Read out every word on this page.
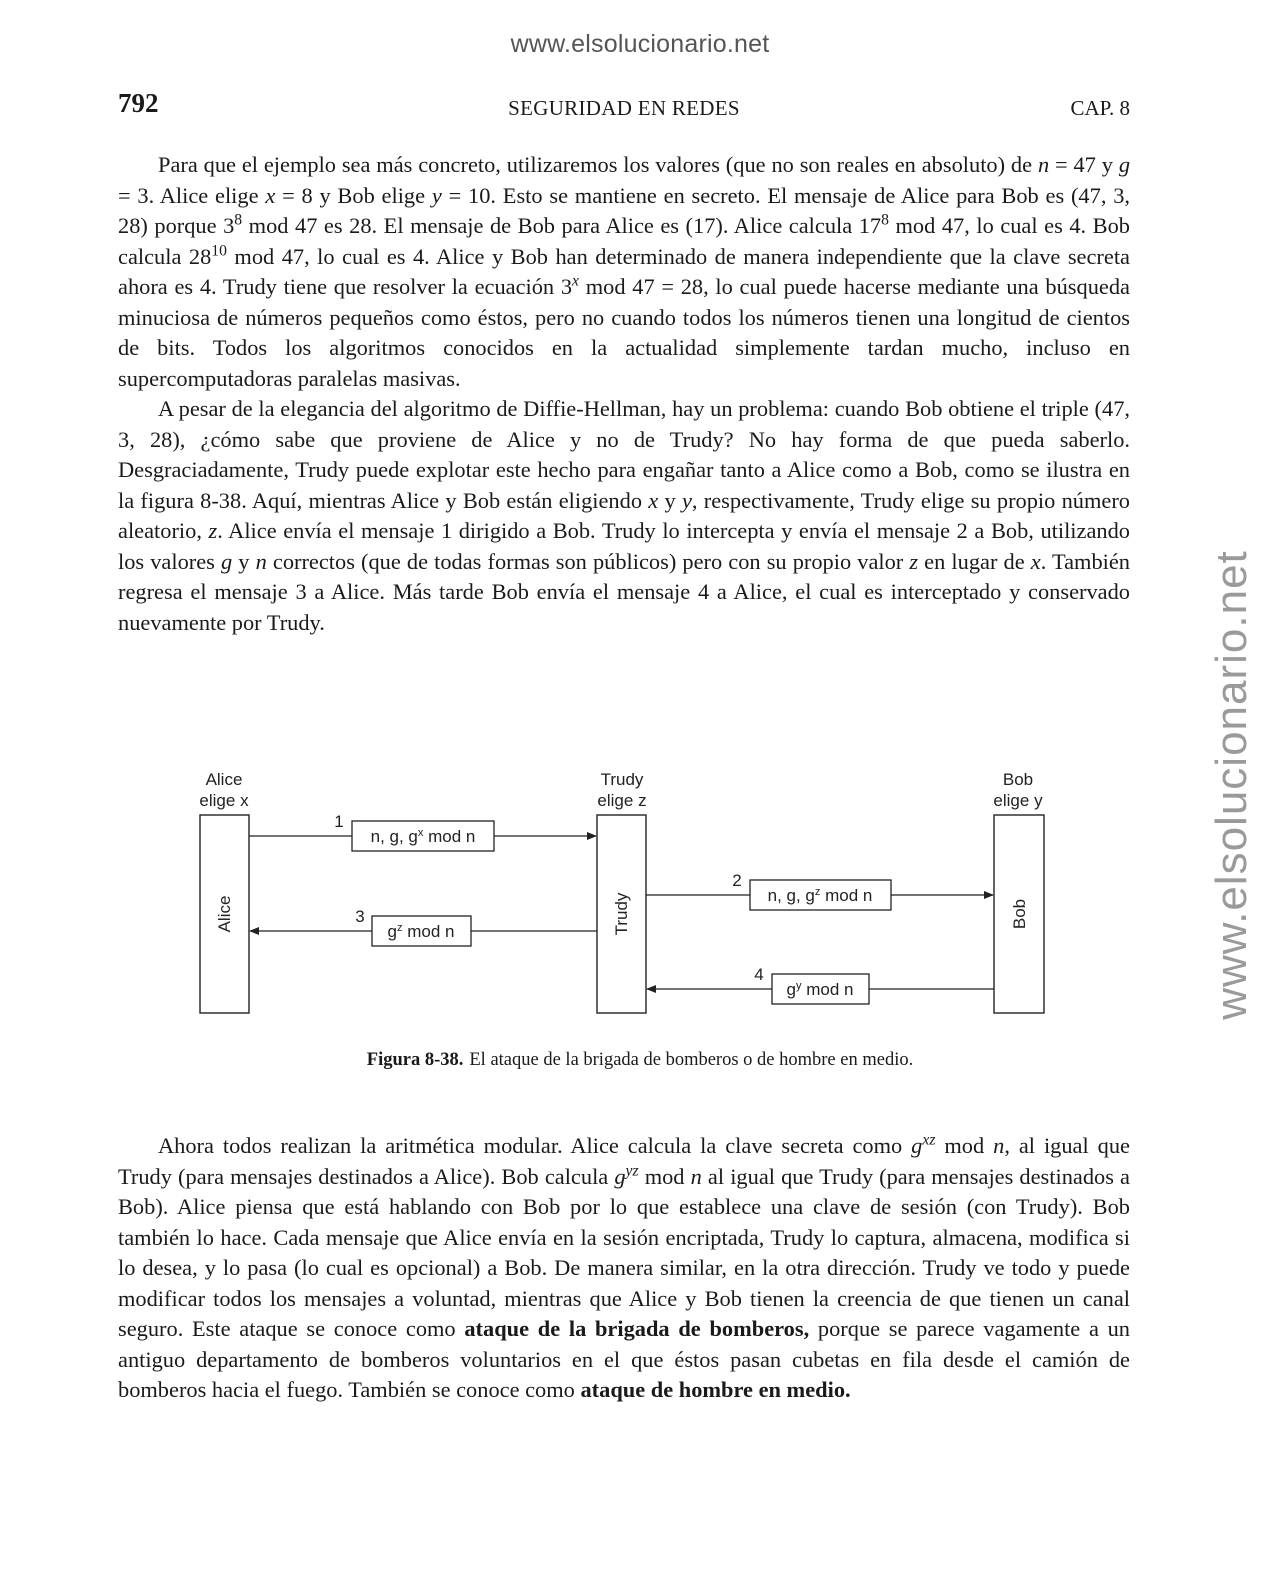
www.elsolucionario.net
www.elsolucionario.net
792	SEGURIDAD EN REDES	CAP. 8

Para que el ejemplo sea más concreto, utilizaremos los valores (que no son reales en absoluto) de n = 47 y g = 3. Alice elige x = 8 y Bob elige y = 10. Esto se mantiene en secreto. El mensaje de Alice para Bob es (47, 3, 28) porque $3^8$ mod 47 es 28. El mensaje de Bob para Alice es (17). Alice calcula $17^8$ mod 47, lo cual es 4. Bob calcula $28^{10}$ mod 47, lo cual es 4. Alice y Bob han determinado de manera independiente que la clave secreta ahora es 4. Trudy tiene que resolver la ecuación 3$^x$ mod 47 = 28, lo cual puede hacerse mediante una búsqueda minuciosa de números pequeños como éstos, pero no cuando todos los números tienen una longitud de cientos de bits. Todos los algoritmos conocidos en la actualidad simplemente tardan mucho, incluso en supercomputadoras paralelas masivas.

A pesar de la elegancia del algoritmo de Diffie-Hellman, hay un problema: cuando Bob obtiene el triple (47, 3, 28), ¿cómo sabe que proviene de Alice y no de Trudy? No hay forma de que pueda saberlo. Desgraciadamente, Trudy puede explotar este hecho para engañar tanto a Alice como a Bob, como se ilustra en la figura 8-38. Aquí, mientras Alice y Bob están eligiendo x y y, respectivamente, Trudy elige su propio número aleatorio, z. Alice envía el mensaje 1 dirigido a Bob. Trudy lo intercepta y envía el mensaje 2 a Bob, utilizando los valores g y n correctos (que de todas formas son públicos) pero con su propio valor z en lugar de x. También regresa el mensaje 3 a Alice. Más tarde Bob envía el mensaje 4 a Alice, el cual es interceptado y conservado nuevamente por Trudy.

Alice
elige x
Trudy
elige z
Bob
elige y
Alice	Trudy	Bob
1
2
3
4
n, g, $g^x$ mod n
n, g, $g^z$ mod n
$g^z$ mod n
$g^y$ mod n
Figura 8-38. El ataque de la brigada de bomberos o de hombre en medio.

Ahora todos realizan la aritmética modular. Alice calcula la clave secreta como $g^{xz}$ mod n, al igual que Trudy (para mensajes destinados a Alice). Bob calcula $g^{yz}$ mod n al igual que Trudy (para mensajes destinados a Bob). Alice piensa que está hablando con Bob por lo que establece una clave de sesión (con Trudy). Bob también lo hace. Cada mensaje que Alice envía en la sesión encriptada, Trudy lo captura, almacena, modifica si lo desea, y lo pasa (lo cual es opcional) a Bob. De manera similar, en la otra dirección. Trudy ve todo y puede modificar todos los mensajes a voluntad, mientras que Alice y Bob tienen la creencia de que tienen un canal seguro. Este ataque se conoce como ataque de la brigada de bomberos, porque se parece vagamente a un antiguo departamento de bomberos voluntarios en el que éstos pasan cubetas en fila desde el camión de bomberos hacia el fuego. También se conoce como ataque de hombre en medio.
